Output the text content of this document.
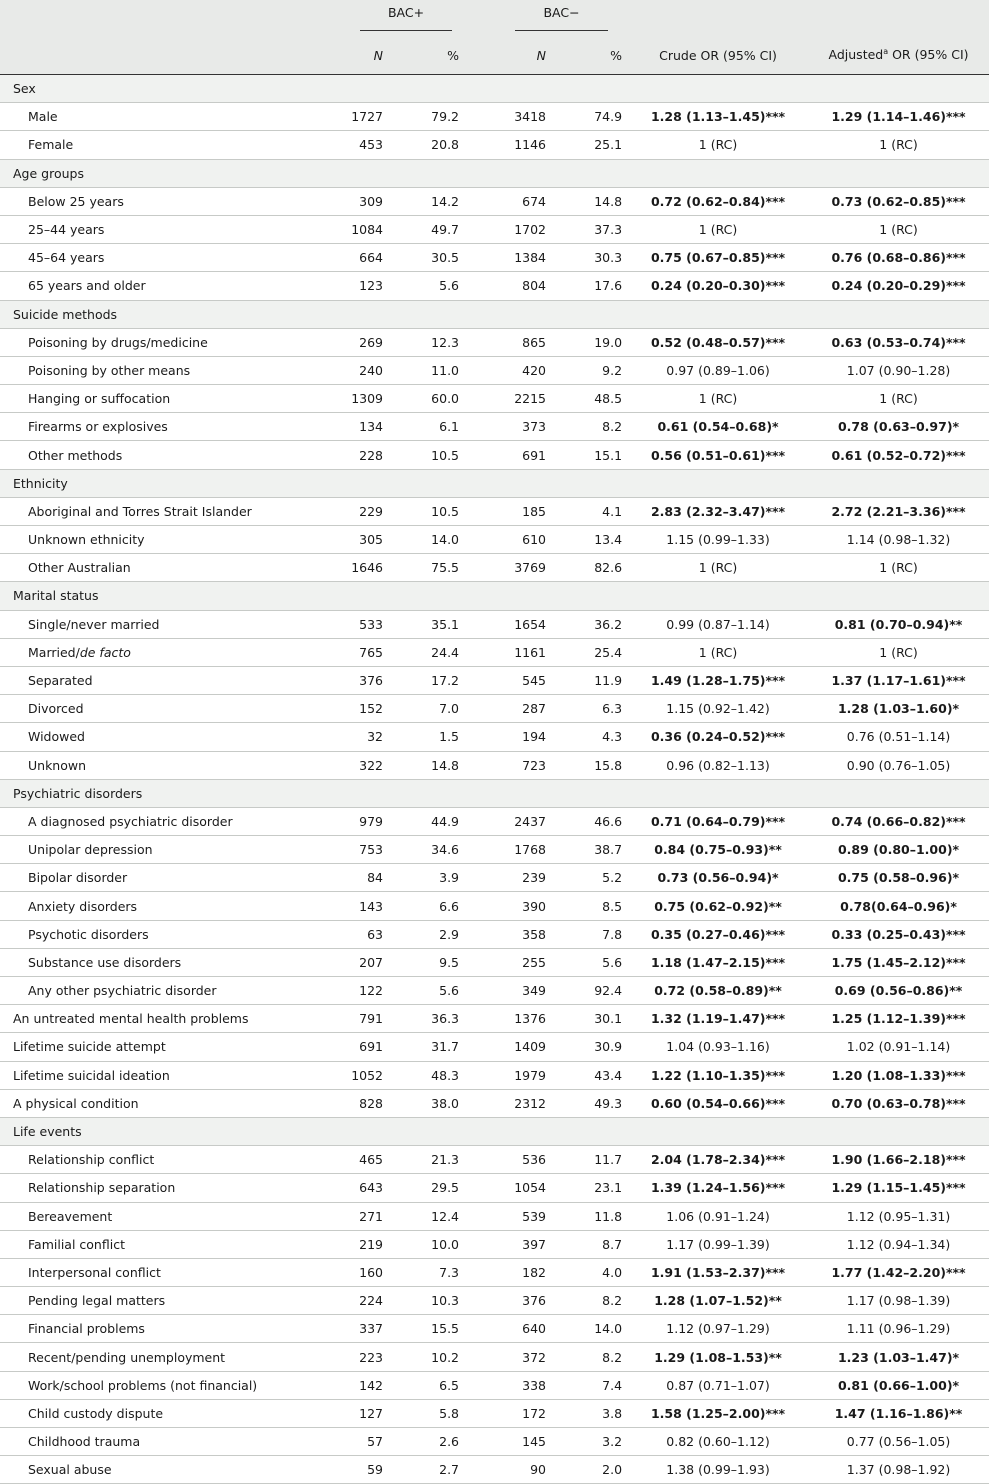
	BAC+		BAC−			
	N	%	N	%	Crude OR (95% CI)	Adjusted$^a$ OR (95% CI)
Sex						
Male	1727	79.2	3418	74.9	1.28 (1.13–1.45)***	1.29 (1.14–1.46)***
Female	453	20.8	1146	25.1	1 (RC)	1 (RC)
Age groups						
Below 25 years	309	14.2	674	14.8	0.72 (0.62–0.84)***	0.73 (0.62–0.85)***
25–44 years	1084	49.7	1702	37.3	1 (RC)	1 (RC)
45–64 years	664	30.5	1384	30.3	0.75 (0.67–0.85)***	0.76 (0.68–0.86)***
65 years and older	123	5.6	804	17.6	0.24 (0.20–0.30)***	0.24 (0.20–0.29)***
Suicide methods						
Poisoning by drugs/medicine	269	12.3	865	19.0	0.52 (0.48–0.57)***	0.63 (0.53–0.74)***
Poisoning by other means	240	11.0	420	9.2	0.97 (0.89–1.06)	1.07 (0.90–1.28)
Hanging or suffocation	1309	60.0	2215	48.5	1 (RC)	1 (RC)
Firearms or explosives	134	6.1	373	8.2	0.61 (0.54–0.68)*	0.78 (0.63–0.97)*
Other methods	228	10.5	691	15.1	0.56 (0.51–0.61)***	0.61 (0.52–0.72)***
Ethnicity						
Aboriginal and Torres Strait Islander	229	10.5	185	4.1	2.83 (2.32–3.47)***	2.72 (2.21–3.36)***
Unknown ethnicity	305	14.0	610	13.4	1.15 (0.99–1.33)	1.14 (0.98–1.32)
Other Australian	1646	75.5	3769	82.6	1 (RC)	1 (RC)
Marital status						
Single/never married	533	35.1	1654	36.2	0.99 (0.87–1.14)	0.81 (0.70–0.94)**
Married/de facto	765	24.4	1161	25.4	1 (RC)	1 (RC)
Separated	376	17.2	545	11.9	1.49 (1.28–1.75)***	1.37 (1.17–1.61)***
Divorced	152	7.0	287	6.3	1.15 (0.92–1.42)	1.28 (1.03–1.60)*
Widowed	32	1.5	194	4.3	0.36 (0.24–0.52)***	0.76 (0.51–1.14)
Unknown	322	14.8	723	15.8	0.96 (0.82–1.13)	0.90 (0.76–1.05)
Psychiatric disorders						
A diagnosed psychiatric disorder	979	44.9	2437	46.6	0.71 (0.64–0.79)***	0.74 (0.66–0.82)***
Unipolar depression	753	34.6	1768	38.7	0.84 (0.75–0.93)**	0.89 (0.80–1.00)*
Bipolar disorder	84	3.9	239	5.2	0.73 (0.56–0.94)*	0.75 (0.58–0.96)*
Anxiety disorders	143	6.6	390	8.5	0.75 (0.62–0.92)**	0.78(0.64–0.96)*
Psychotic disorders	63	2.9	358	7.8	0.35 (0.27–0.46)***	0.33 (0.25–0.43)***
Substance use disorders	207	9.5	255	5.6	1.18 (1.47–2.15)***	1.75 (1.45–2.12)***
Any other psychiatric disorder	122	5.6	349	92.4	0.72 (0.58–0.89)**	0.69 (0.56–0.86)**
An untreated mental health problems	791	36.3	1376	30.1	1.32 (1.19–1.47)***	1.25 (1.12–1.39)***
Lifetime suicide attempt	691	31.7	1409	30.9	1.04 (0.93–1.16)	1.02 (0.91–1.14)
Lifetime suicidal ideation	1052	48.3	1979	43.4	1.22 (1.10–1.35)***	1.20 (1.08–1.33)***
A physical condition	828	38.0	2312	49.3	0.60 (0.54–0.66)***	0.70 (0.63–0.78)***
Life events						
Relationship conflict	465	21.3	536	11.7	2.04 (1.78–2.34)***	1.90 (1.66–2.18)***
Relationship separation	643	29.5	1054	23.1	1.39 (1.24–1.56)***	1.29 (1.15–1.45)***
Bereavement	271	12.4	539	11.8	1.06 (0.91–1.24)	1.12 (0.95–1.31)
Familial conflict	219	10.0	397	8.7	1.17 (0.99–1.39)	1.12 (0.94–1.34)
Interpersonal conflict	160	7.3	182	4.0	1.91 (1.53–2.37)***	1.77 (1.42–2.20)***
Pending legal matters	224	10.3	376	8.2	1.28 (1.07–1.52)**	1.17 (0.98–1.39)
Financial problems	337	15.5	640	14.0	1.12 (0.97–1.29)	1.11 (0.96–1.29)
Recent/pending unemployment	223	10.2	372	8.2	1.29 (1.08–1.53)**	1.23 (1.03–1.47)*
Work/school problems (not financial)	142	6.5	338	7.4	0.87 (0.71–1.07)	0.81 (0.66–1.00)*
Child custody dispute	127	5.8	172	3.8	1.58 (1.25–2.00)***	1.47 (1.16–1.86)**
Childhood trauma	57	2.6	145	3.2	0.82 (0.60–1.12)	0.77 (0.56–1.05)
Sexual abuse	59	2.7	90	2.0	1.38 (0.99–1.93)	1.37 (0.98–1.92)
